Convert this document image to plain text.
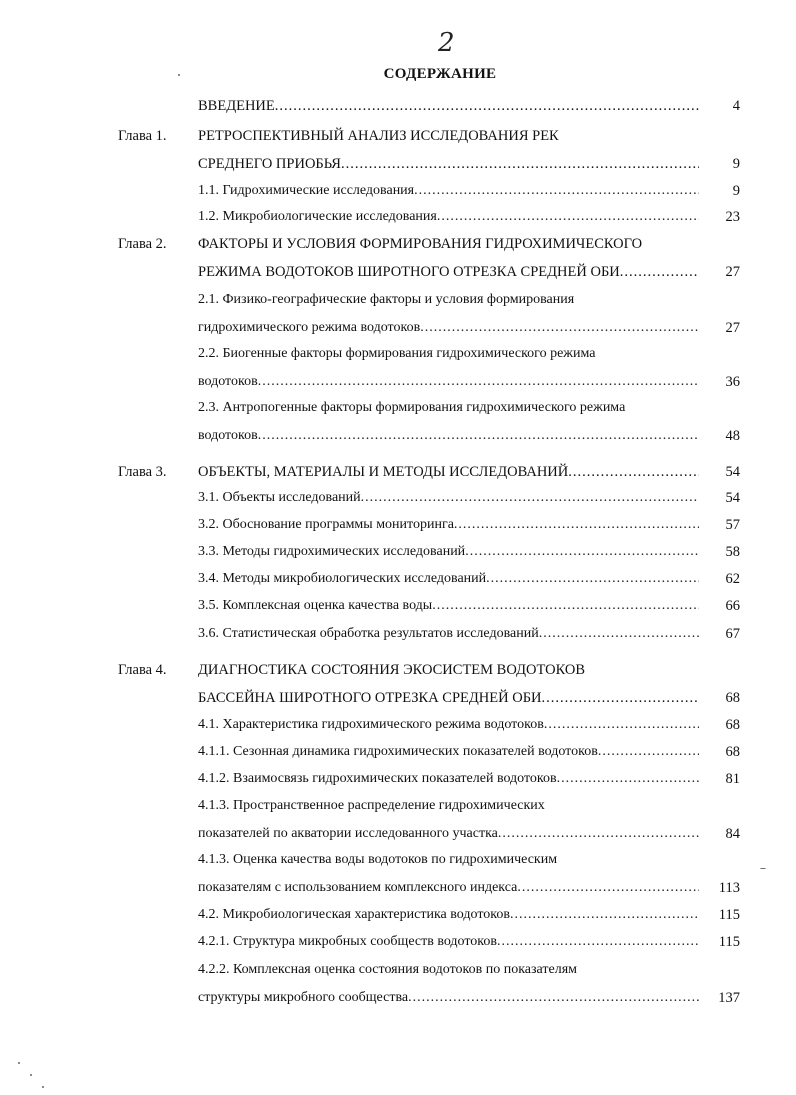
2
СОДЕРЖАНИЕ
ВВЕДЕНИЕ .....	4
Глава 1. РЕТРОСПЕКТИВНЫЙ АНАЛИЗ ИССЛЕДОВАНИЯ РЕК
СРЕДНЕГО ПРИОБЬЯ .....	9
1.1. Гидрохимические исследования .....	9
1.2. Микробиологические исследования .....	23
Глава 2. ФАКТОРЫ И УСЛОВИЯ ФОРМИРОВАНИЯ ГИДРОХИМИЧЕСКОГО
РЕЖИМА ВОДОТОКОВ ШИРОТНОГО ОТРЕЗКА СРЕДНЕЙ ОБИ .....	27
2.1. Физико-географические факторы и условия формирования
гидрохимического режима водотоков .....	27
2.2. Биогенные факторы формирования гидрохимического режима
водотоков .....	36
2.3. Антропогенные факторы формирования гидрохимического режима
водотоков .....	48
Глава 3. ОБЪЕКТЫ, МАТЕРИАЛЫ И МЕТОДЫ ИССЛЕДОВАНИЙ .....	54
3.1. Объекты исследований .....	54
3.2. Обоснование программы мониторинга .....	57
3.3. Методы гидрохимических исследований .....	58
3.4. Методы микробиологических исследований .....	62
3.5. Комплексная оценка качества воды .....	66
3.6. Статистическая обработка результатов исследований .....	67
Глава 4. ДИАГНОСТИКА СОСТОЯНИЯ ЭКОСИСТЕМ ВОДОТОКОВ
БАССЕЙНА ШИРОТНОГО ОТРЕЗКА СРЕДНЕЙ ОБИ .....	68
4.1. Характеристика гидрохимического режима водотоков .....	68
4.1.1. Сезонная динамика гидрохимических показателей водотоков .....	68
4.1.2. Взаимосвязь гидрохимических показателей водотоков .....	81
4.1.3. Пространственное распределение гидрохимических
показателей по акватории исследованного участка .....	84
4.1.3. Оценка качества воды водотоков по гидрохимическим
показателям с использованием комплексного индекса .....	113
4.2. Микробиологическая характеристика водотоков .....	115
4.2.1. Структура микробных сообществ водотоков .....	115
4.2.2. Комплексная оценка состояния водотоков по показателям
структуры микробного сообщества .....	137
